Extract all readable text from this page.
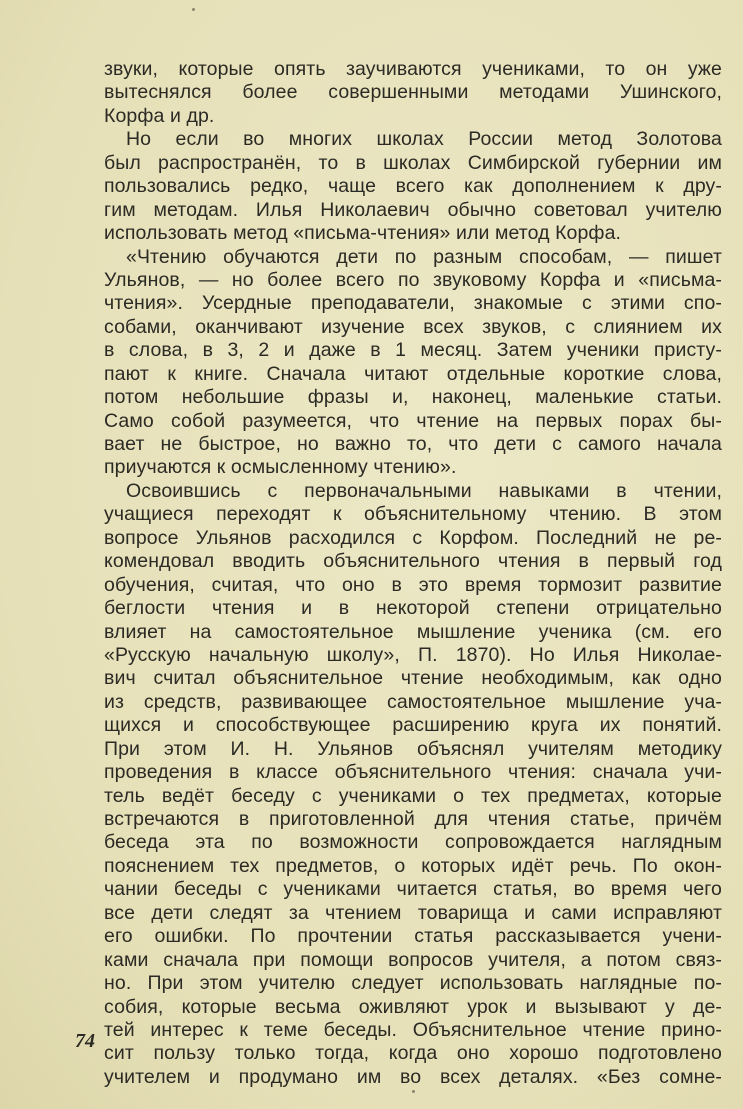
звуки, которые опять заучиваются учениками, то он уже
вытеснялся более совершенными методами Ушинского,
Корфа и др.
Но если во многих школах России метод Золотова
был распространён, то в школах Симбирской губернии им
пользовались редко, чаще всего как дополнением к дру-
гим методам. Илья Николаевич обычно советовал учителю
использовать метод «письма-чтения» или метод Корфа.
«Чтению обучаются дети по разным способам, — пишет
Ульянов, — но более всего по звуковому Корфа и «письма-
чтения». Усердные преподаватели, знакомые с этими спо-
собами, оканчивают изучение всех звуков, с слиянием их
в слова, в 3, 2 и даже в 1 месяц. Затем ученики присту-
пают к книге. Сначала читают отдельные короткие слова,
потом небольшие фразы и, наконец, маленькие статьи.
Само собой разумеется, что чтение на первых порах бы-
вает не быстрое, но важно то, что дети с самого начала
приучаются к осмысленному чтению».
Освоившись с первоначальными навыками в чтении,
учащиеся переходят к объяснительному чтению. В этом
вопросе Ульянов расходился с Корфом. Последний не ре-
комендовал вводить объяснительного чтения в первый год
обучения, считая, что оно в это время тормозит развитие
беглости чтения и в некоторой степени отрицательно
влияет на самостоятельное мышление ученика (см. его
«Русскую начальную школу», П. 1870). Но Илья Николае-
вич считал объяснительное чтение необходимым, как одно
из средств, развивающее самостоятельное мышление уча-
щихся и способствующее расширению круга их понятий.
При этом И. Н. Ульянов объяснял учителям методику
проведения в классе объяснительного чтения: сначала учи-
тель ведёт беседу с учениками о тех предметах, которые
встречаются в приготовленной для чтения статье, причём
беседа эта по возможности сопровождается наглядным
пояснением тех предметов, о которых идёт речь. По окон-
чании беседы с учениками читается статья, во время чего
все дети следят за чтением товарища и сами исправляют
его ошибки. По прочтении статья рассказывается учени-
ками сначала при помощи вопросов учителя, а потом связ-
но. При этом учителю следует использовать наглядные по-
собия, которые весьма оживляют урок и вызывают у де-
тей интерес к теме беседы. Объяснительное чтение прино-
сит пользу только тогда, когда оно хорошо подготовлено
учителем и продумано им во всех деталях. «Без сомне-
74
